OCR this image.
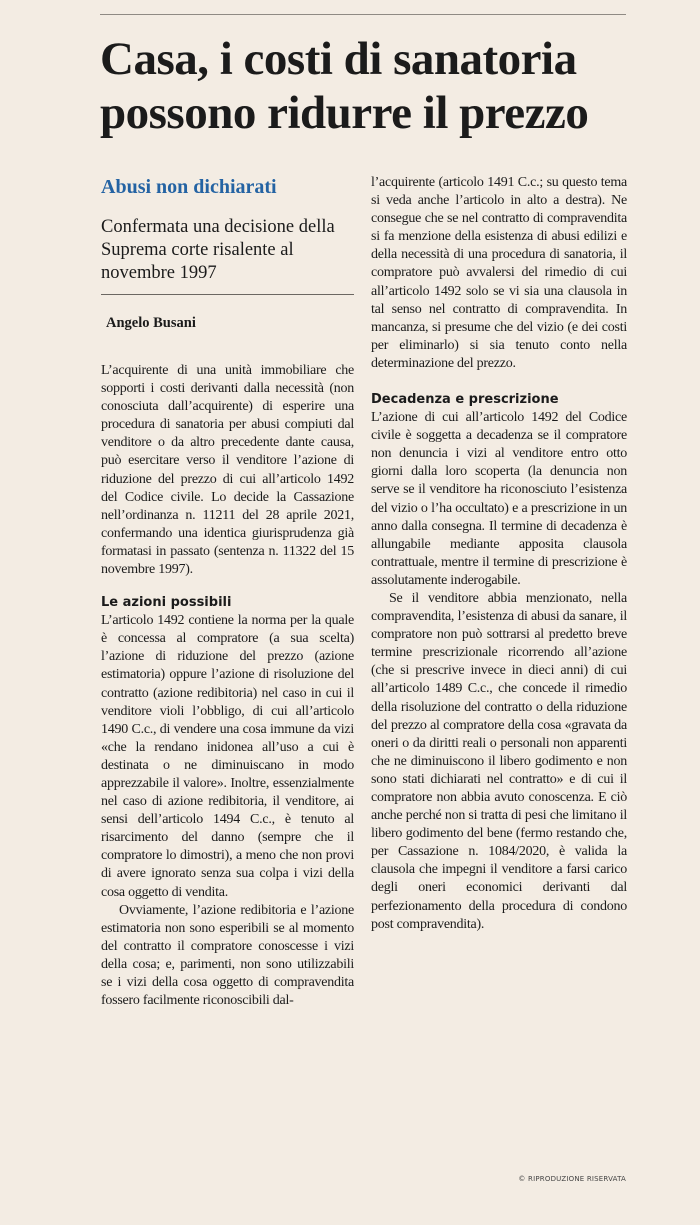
Casa, i costi di sanatoria possono ridurre il prezzo
Abusi non dichiarati
Confermata una decisione della Suprema corte risalente al novembre 1997
Angelo Busani

L’acquirente di una unità immobiliare che sopporti i costi derivanti dalla necessità (non conosciuta dall’acquirente) di esperire una procedura di sanatoria per abusi compiuti dal venditore o da altro precedente dante causa, può esercitare verso il venditore l’azione di riduzione del prezzo di cui all’articolo 1492 del Codice civile. Lo decide la Cassazione nell’ordinanza n. 11211 del 28 aprile 2021, confermando una identica giurisprudenza già formatasi in passato (sentenza n. 11322 del 15 novembre 1997).

Le azioni possibili

L’articolo 1492 contiene la norma per la quale è concessa al compratore (a sua scelta) l’azione di riduzione del prezzo (azione estimatoria) oppure l’azione di risoluzione del contratto (azione redibitoria) nel caso in cui il venditore violi l’obbligo, di cui all’articolo 1490 C.c., di vendere una cosa immune da vizi «che la rendano inidonea all’uso a cui è destinata o ne diminuiscano in modo apprezzabile il valore». Inoltre, essenzialmente nel caso di azione redibitoria, il venditore, ai sensi dell’articolo 1494 C.c., è tenuto al risarcimento del danno (sempre che il compratore lo dimostri), a meno che non provi di avere ignorato senza sua colpa i vizi della cosa oggetto di vendita.

Ovviamente, l’azione redibitoria e l’azione estimatoria non sono esperibili se al momento del contratto il compratore conoscesse i vizi della cosa; e, parimenti, non sono utilizzabili se i vizi della cosa oggetto di compravendita fossero facilmente riconoscibili dal-

l’acquirente (articolo 1491 C.c.; su questo tema si veda anche l’articolo in alto a destra). Ne consegue che se nel contratto di compravendita si fa menzione della esistenza di abusi edilizi e della necessità di una procedura di sanatoria, il compratore può avvalersi del rimedio di cui all’articolo 1492 solo se vi sia una clausola in tal senso nel contratto di compravendita. In mancanza, si presume che del vizio (e dei costi per eliminarlo) si sia tenuto conto nella determinazione del prezzo.

Decadenza e prescrizione

L’azione di cui all’articolo 1492 del Codice civile è soggetta a decadenza se il compratore non denuncia i vizi al venditore entro otto giorni dalla loro scoperta (la denuncia non serve se il venditore ha riconosciuto l’esistenza del vizio o l’ha occultato) e a prescrizione in un anno dalla consegna. Il termine di decadenza è allungabile mediante apposita clausola contrattuale, mentre il termine di prescrizione è assolutamente inderogabile.

Se il venditore abbia menzionato, nella compravendita, l’esistenza di abusi da sanare, il compratore non può sottrarsi al predetto breve termine prescrizionale ricorrendo all’azione (che si prescrive invece in dieci anni) di cui all’articolo 1489 C.c., che concede il rimedio della risoluzione del contratto o della riduzione del prezzo al compratore della cosa «gravata da oneri o da diritti reali o personali non apparenti che ne diminuiscono il libero godimento e non sono stati dichiarati nel contratto» e di cui il compratore non abbia avuto conoscenza. E ciò anche perché non si tratta di pesi che limitano il libero godimento del bene (fermo restando che, per Cassazione n. 1084/2020, è valida la clausola che impegni il venditore a farsi carico degli oneri economici derivanti dal perfezionamento della procedura di condono post compravendita).

© RIPRODUZIONE RISERVATA
